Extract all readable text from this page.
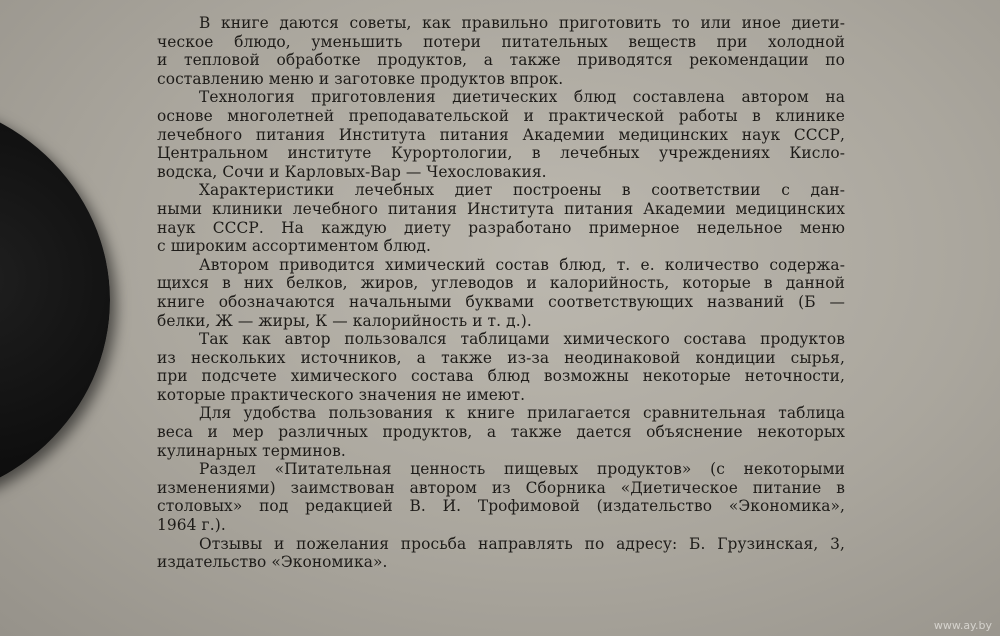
В книге даются советы, как правильно приготовить то или иное диети-
ческое блюдо, уменьшить потери питательных веществ при холодной
и тепловой обработке продуктов, а также приводятся рекомендации по
составлению меню и заготовке продуктов впрок.
Технология приготовления диетических блюд составлена автором на
основе многолетней преподавательской и практической работы в клинике
лечебного питания Института питания Академии медицинских наук СССР,
Центральном институте Курортологии, в лечебных учреждениях Кисло-
водска, Сочи и Карловых-Вар — Чехословакия.
Характеристики лечебных диет построены в соответствии с дан-
ными клиники лечебного питания Института питания Академии медицинских
наук СССР. На каждую диету разработано примерное недельное меню
с широким ассортиментом блюд.
Автором приводится химический состав блюд, т. е. количество содержа-
щихся в них белков, жиров, углеводов и калорийность, которые в данной
книге обозначаются начальными буквами соответствующих названий (Б —
белки, Ж — жиры, К — калорийность и т. д.).
Так как автор пользовался таблицами химического состава продуктов
из нескольких источников, а также из-за неодинаковой кондиции сырья,
при подсчете химического состава блюд возможны некоторые неточности,
которые практического значения не имеют.
Для удобства пользования к книге прилагается сравнительная таблица
веса и мер различных продуктов, а также дается объяснение некоторых
кулинарных терминов.
Раздел «Питательная ценность пищевых продуктов» (с некоторыми
изменениями) заимствован автором из Сборника «Диетическое питание в
столовых» под редакцией В. И. Трофимовой (издательство «Экономика»,
1964 г.).
Отзывы и пожелания просьба направлять по адресу: Б. Грузинская, 3,
издательство «Экономика».
www.ay.by
